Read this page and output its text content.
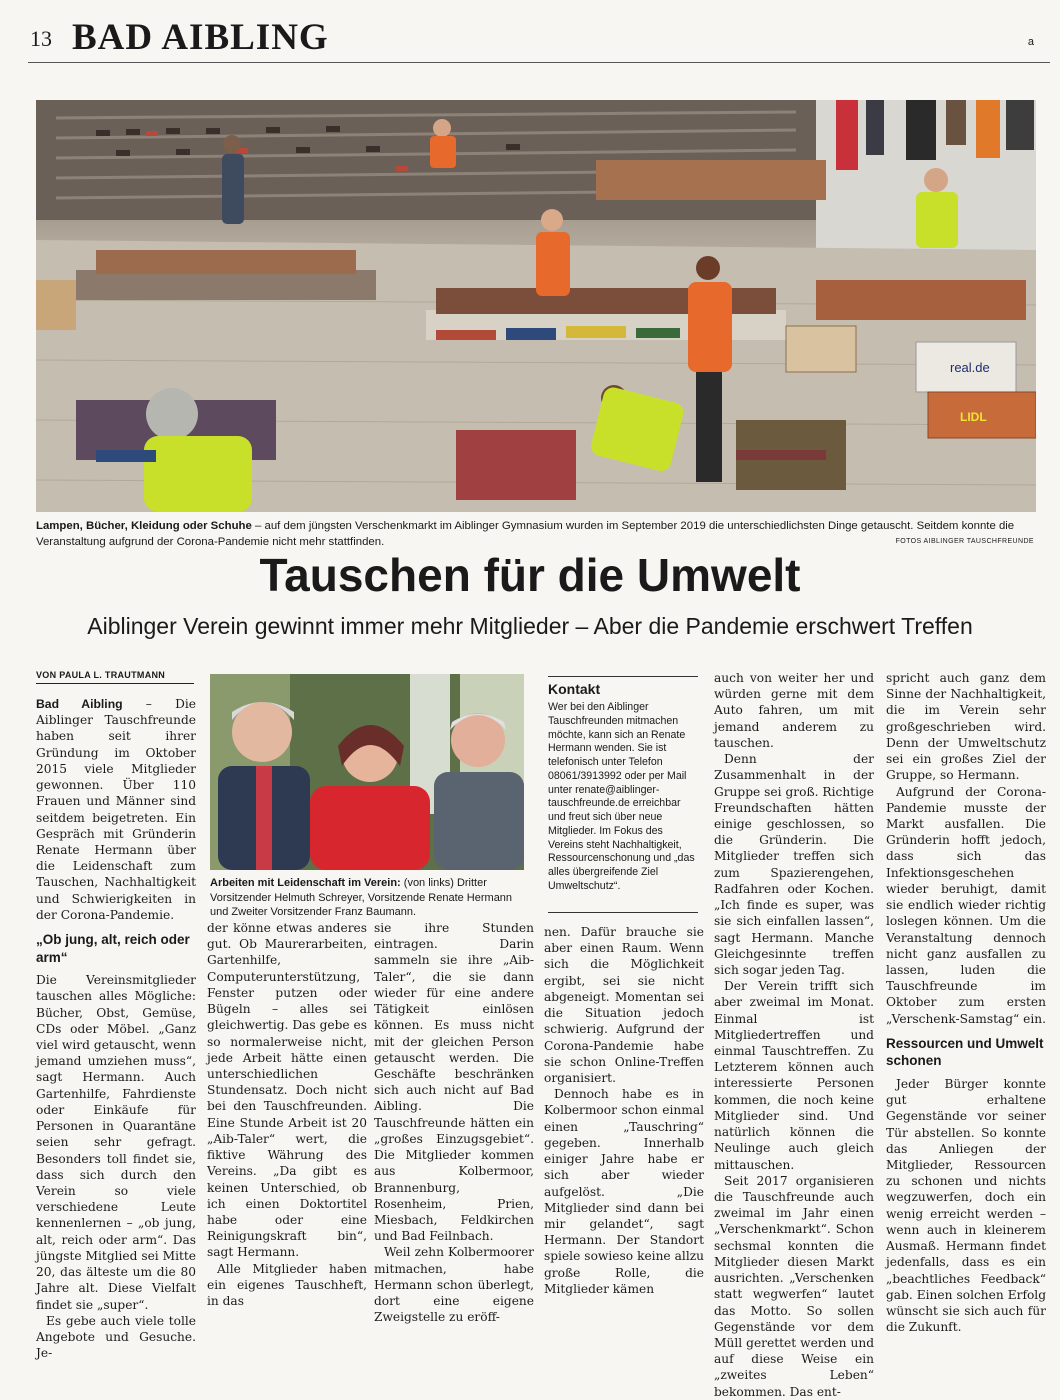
13 BAD AIBLING	a
real.de
LIDL
Lampen, Bücher, Kleidung oder Schuhe – auf dem jüngsten Verschenkmarkt im Aiblinger Gymnasium wurden im September 2019 die unterschiedlichsten Dinge getauscht. Seitdem konnte die Veranstaltung aufgrund der Corona-Pandemie nicht mehr stattfinden.	FOTOS AIBLINGER TAUSCHFREUNDE
Tauschen für die Umwelt
Aiblinger Verein gewinnt immer mehr Mitglieder – Aber die Pandemie erschwert Treffen
VON PAULA L. TRAUTMANN

Bad Aibling – Die Aiblinger Tauschfreunde haben seit ihrer Gründung im Oktober 2015 viele Mitglieder gewonnen. Über 110 Frauen und Männer sind seitdem beigetreten. Ein Gespräch mit Gründerin Renate Hermann über die Leidenschaft zum Tauschen, Nachhaltigkeit und Schwierigkeiten in der Corona-Pandemie.

„Ob jung, alt, reich oder arm“

Die Vereinsmitglieder tauschen alles Mögliche: Bücher, Obst, Gemüse, CDs oder Möbel. „Ganz viel wird getauscht, wenn jemand umziehen muss“, sagt Hermann. Auch Gartenhilfe, Fahrdienste oder Einkäufe für Personen in Quarantäne seien sehr gefragt. Besonders toll findet sie, dass sich durch den Verein so viele verschiedene Leute kennenlernen – „ob jung, alt, reich oder arm“. Das jüngste Mitglied sei Mitte 20, das älteste um die 80 Jahre alt. Diese Vielfalt findet sie „super“.

Es gebe auch viele tolle Angebote und Gesuche. Je-

Arbeiten mit Leidenschaft im Verein: (von links) Dritter Vorsitzender Helmuth Schreyer, Vorsitzende Renate Hermann und Zweiter Vorsitzender Franz Baumann.
Kontakt
Wer bei den Aiblinger Tauschfreunden mitmachen möchte, kann sich an Renate Hermann wenden. Sie ist telefonisch unter Telefon 08061/3913992 oder per Mail unter renate@aiblinger-tauschfreunde.de erreichbar und freut sich über neue Mitglieder. Im Fokus des Vereins steht Nachhaltigkeit, Ressourcenschonung und „das alles übergreifende Ziel Umweltschutz“.

der könne etwas anderes gut. Ob Maurerarbeiten, Gartenhilfe, Computerunterstützung, Fenster putzen oder Bügeln – alles sei gleichwertig. Das gebe es so normalerweise nicht, jede Arbeit hätte einen unterschiedlichen Stundensatz. Doch nicht bei den Tauschfreunden. Eine Stunde Arbeit ist 20 „Aib-Taler“ wert, die fiktive Währung des Vereins. „Da gibt es keinen Unterschied, ob ich einen Doktortitel habe oder eine Reinigungskraft bin“, sagt Hermann.

Alle Mitglieder haben ein eigenes Tauschheft, in das

sie ihre Stunden eintragen. Darin sammeln sie ihre „Aib-Taler“, die sie dann wieder für eine andere Tätigkeit einlösen können. Es muss nicht mit der gleichen Person getauscht werden. Die Geschäfte beschränken sich auch nicht auf Bad Aibling. Die Tauschfreunde hätten ein „großes Einzugsgebiet“. Die Mitglieder kommen aus Kolbermoor, Brannenburg, Rosenheim, Prien, Miesbach, Feldkirchen und Bad Feilnbach.

Weil zehn Kolbermoorer mitmachen, habe Hermann schon überlegt, dort eine eigene Zweigstelle zu eröff-

nen. Dafür brauche sie aber einen Raum. Wenn sich die Möglichkeit ergibt, sei sie nicht abgeneigt. Momentan sei die Situation jedoch schwierig. Aufgrund der Corona-Pandemie habe sie schon Online-Treffen organisiert.

Dennoch habe es in Kolbermoor schon einmal einen „Tauschring“ gegeben. Innerhalb einiger Jahre habe er sich aber wieder aufgelöst. „Die Mitglieder sind dann bei mir gelandet“, sagt Hermann. Der Standort spiele sowieso keine allzu große Rolle, die Mitglieder kämen

auch von weiter her und würden gerne mit dem Auto fahren, um mit jemand anderem zu tauschen.

Denn der Zusammenhalt in der Gruppe sei groß. Richtige Freundschaften hätten einige geschlossen, so die Gründerin. Die Mitglieder treffen sich zum Spazierengehen, Radfahren oder Kochen. „Ich finde es super, was sie sich einfallen lassen“, sagt Hermann. Manche Gleichgesinnte treffen sich sogar jeden Tag.

Der Verein trifft sich aber zweimal im Monat. Einmal ist Mitgliedertreffen und einmal Tauschtreffen. Zu Letzterem können auch interessierte Personen kommen, die noch keine Mitglieder sind. Und natürlich können die Neulinge auch gleich mittauschen.

Seit 2017 organisieren die Tauschfreunde auch zweimal im Jahr einen „Verschenkmarkt“. Schon sechsmal konnten die Mitglieder diesen Markt ausrichten. „Verschenken statt wegwerfen“ lautet das Motto. So sollen Gegenstände vor dem Müll gerettet werden und auf diese Weise ein „zweites Leben“ bekommen. Das ent-

spricht auch ganz dem Sinne der Nachhaltigkeit, die im Verein sehr großgeschrieben wird. Denn der Umweltschutz sei ein großes Ziel der Gruppe, so Hermann.

Aufgrund der Corona-Pandemie musste der Markt ausfallen. Die Gründerin hofft jedoch, dass sich das Infektionsgeschehen wieder beruhigt, damit sie endlich wieder richtig loslegen können. Um die Veranstaltung dennoch nicht ganz ausfallen zu lassen, luden die Tauschfreunde im Oktober zum ersten „Verschenk-Samstag“ ein.

Ressourcen und Umwelt schonen

Jeder Bürger konnte gut erhaltene Gegenstände vor seiner Tür abstellen. So konnte das Anliegen der Mitglieder, Ressourcen zu schonen und nichts wegzuwerfen, doch ein wenig erreicht werden – wenn auch in kleinerem Ausmaß. Hermann findet jedenfalls, dass es ein „beachtliches Feedback“ gab. Einen solchen Erfolg wünscht sie sich auch für die Zukunft.
